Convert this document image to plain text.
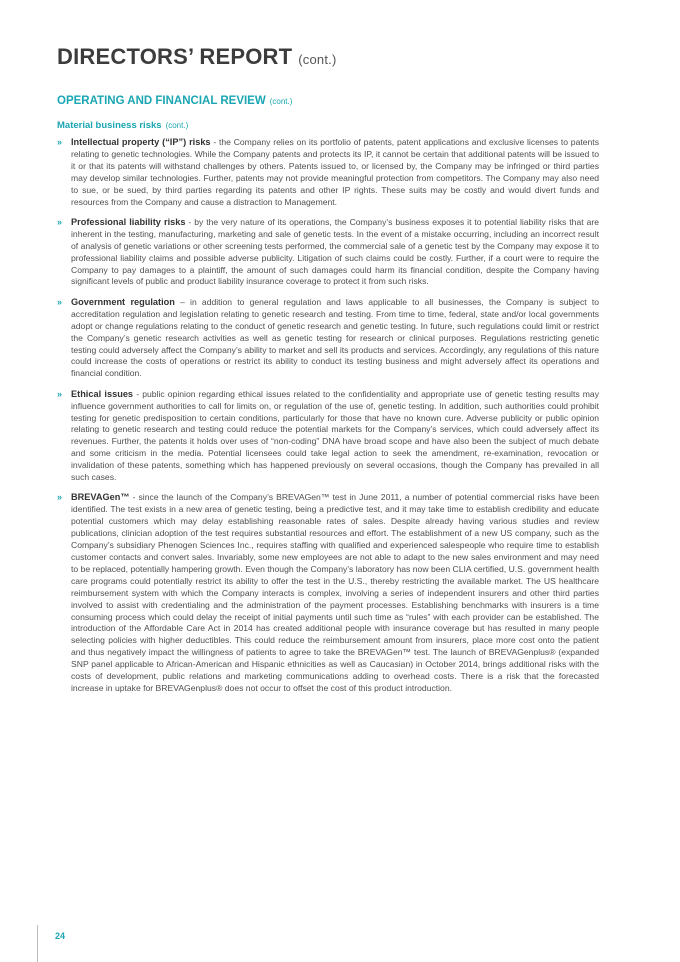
DIRECTORS’ REPORT (cont.)
OPERATING AND FINANCIAL REVIEW (cont.)
Material business risks (cont.)
» Intellectual property (“IP”) risks - the Company relies on its portfolio of patents, patent applications and exclusive licenses to patents relating to genetic technologies. While the Company patents and protects its IP, it cannot be certain that additional patents will be issued to it or that its patents will withstand challenges by others. Patents issued to, or licensed by, the Company may be infringed or third parties may develop similar technologies. Further, patents may not provide meaningful protection from competitors. The Company may also need to sue, or be sued, by third parties regarding its patents and other IP rights. These suits may be costly and would divert funds and resources from the Company and cause a distraction to Management.
» Professional liability risks - by the very nature of its operations, the Company’s business exposes it to potential liability risks that are inherent in the testing, manufacturing, marketing and sale of genetic tests. In the event of a mistake occurring, including an incorrect result of analysis of genetic variations or other screening tests performed, the commercial sale of a genetic test by the Company may expose it to professional liability claims and possible adverse publicity. Litigation of such claims could be costly. Further, if a court were to require the Company to pay damages to a plaintiff, the amount of such damages could harm its financial condition, despite the Company having significant levels of public and product liability insurance coverage to protect it from such risks.
» Government regulation – in addition to general regulation and laws applicable to all businesses, the Company is subject to accreditation regulation and legislation relating to genetic research and testing. From time to time, federal, state and/or local governments adopt or change regulations relating to the conduct of genetic research and genetic testing. In future, such regulations could limit or restrict the Company’s genetic research activities as well as genetic testing for research or clinical purposes. Regulations restricting genetic testing could adversely affect the Company’s ability to market and sell its products and services. Accordingly, any regulations of this nature could increase the costs of operations or restrict its ability to conduct its testing business and might adversely affect its operations and financial condition.
» Ethical issues - public opinion regarding ethical issues related to the confidentiality and appropriate use of genetic testing results may influence government authorities to call for limits on, or regulation of the use of, genetic testing. In addition, such authorities could prohibit testing for genetic predisposition to certain conditions, particularly for those that have no known cure. Adverse publicity or public opinion relating to genetic research and testing could reduce the potential markets for the Company’s services, which could adversely affect its revenues. Further, the patents it holds over uses of “non-coding” DNA have broad scope and have also been the subject of much debate and some criticism in the media. Potential licensees could take legal action to seek the amendment, re-examination, revocation or invalidation of these patents, something which has happened previously on several occasions, though the Company has prevailed in all such cases.
» BREVAGen™ - since the launch of the Company’s BREVAGen™ test in June 2011, a number of potential commercial risks have been identified. The test exists in a new area of genetic testing, being a predictive test, and it may take time to establish credibility and educate potential customers which may delay establishing reasonable rates of sales. Despite already having various studies and review publications, clinician adoption of the test requires substantial resources and effort. The establishment of a new US company, such as the Company’s subsidiary Phenogen Sciences Inc., requires staffing with qualified and experienced salespeople who require time to establish customer contacts and convert sales. Invariably, some new employees are not able to adapt to the new sales environment and may need to be replaced, potentially hampering growth. Even though the Company’s laboratory has now been CLIA certified, U.S. government health care programs could potentially restrict its ability to offer the test in the U.S., thereby restricting the available market. The US healthcare reimbursement system with which the Company interacts is complex, involving a series of independent insurers and other third parties involved to assist with credentialing and the administration of the payment processes. Establishing benchmarks with insurers is a time consuming process which could delay the receipt of initial payments until such time as “rules” with each provider can be established. The introduction of the Affordable Care Act in 2014 has created additional people with insurance coverage but has resulted in many people selecting policies with higher deductibles. This could reduce the reimbursement amount from insurers, place more cost onto the patient and thus negatively impact the willingness of patients to agree to take the BREVAGen™ test. The launch of BREVAGenplus® (expanded SNP panel applicable to African-American and Hispanic ethnicities as well as Caucasian) in October 2014, brings additional risks with the costs of development, public relations and marketing communications adding to overhead costs. There is a risk that the forecasted increase in uptake for BREVAGenplus® does not occur to offset the cost of this product introduction.
24
